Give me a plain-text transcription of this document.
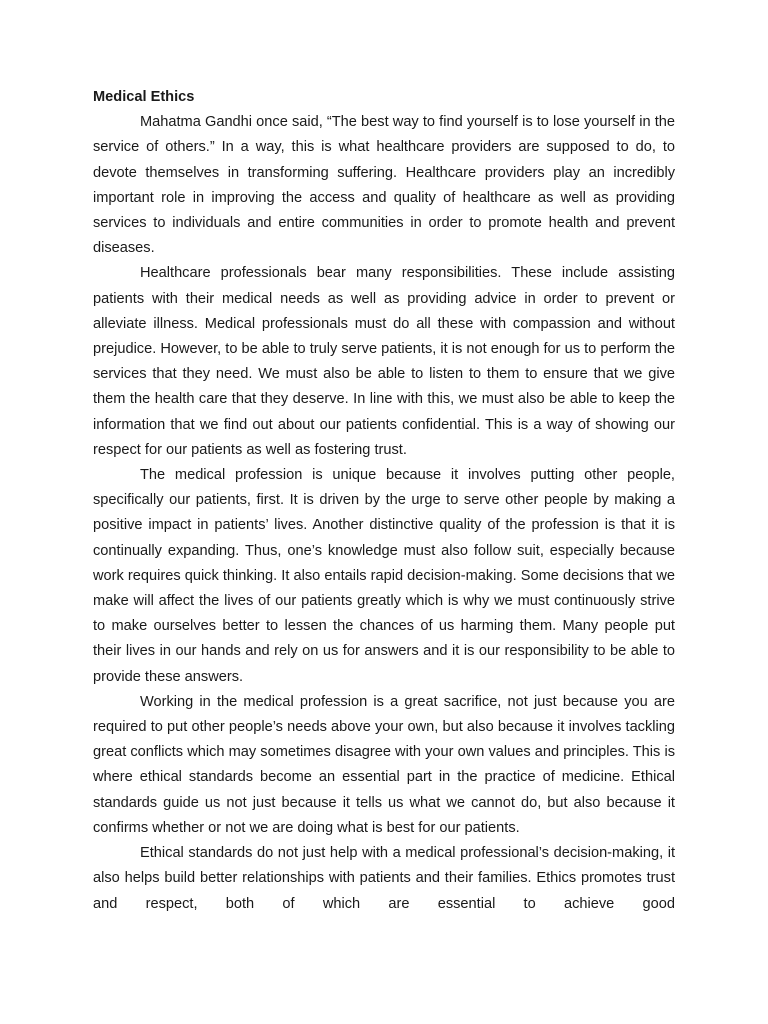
Medical Ethics

Mahatma Gandhi once said, “The best way to find yourself is to lose yourself in the service of others.” In a way, this is what healthcare providers are supposed to do, to devote themselves in transforming suffering. Healthcare providers play an incredibly important role in improving the access and quality of healthcare as well as providing services to individuals and entire communities in order to promote health and prevent diseases.

Healthcare professionals bear many responsibilities. These include assisting patients with their medical needs as well as providing advice in order to prevent or alleviate illness. Medical professionals must do all these with compassion and without prejudice. However, to be able to truly serve patients, it is not enough for us to perform the services that they need. We must also be able to listen to them to ensure that we give them the health care that they deserve. In line with this, we must also be able to keep the information that we find out about our patients confidential. This is a way of showing our respect for our patients as well as fostering trust.

The medical profession is unique because it involves putting other people, specifically our patients, first. It is driven by the urge to serve other people by making a positive impact in patients’ lives. Another distinctive quality of the profession is that it is continually expanding. Thus, one’s knowledge must also follow suit, especially because work requires quick thinking. It also entails rapid decision-making. Some decisions that we make will affect the lives of our patients greatly which is why we must continuously strive to make ourselves better to lessen the chances of us harming them. Many people put their lives in our hands and rely on us for answers and it is our responsibility to be able to provide these answers.

Working in the medical profession is a great sacrifice, not just because you are required to put other people’s needs above your own, but also because it involves tackling great conflicts which may sometimes disagree with your own values and principles. This is where ethical standards become an essential part in the practice of medicine. Ethical standards guide us not just because it tells us what we cannot do, but also because it confirms whether or not we are doing what is best for our patients.

Ethical standards do not just help with a medical professional’s decision-making, it also helps build better relationships with patients and their families. Ethics promotes trust and respect, both of which are essential to achieve good
